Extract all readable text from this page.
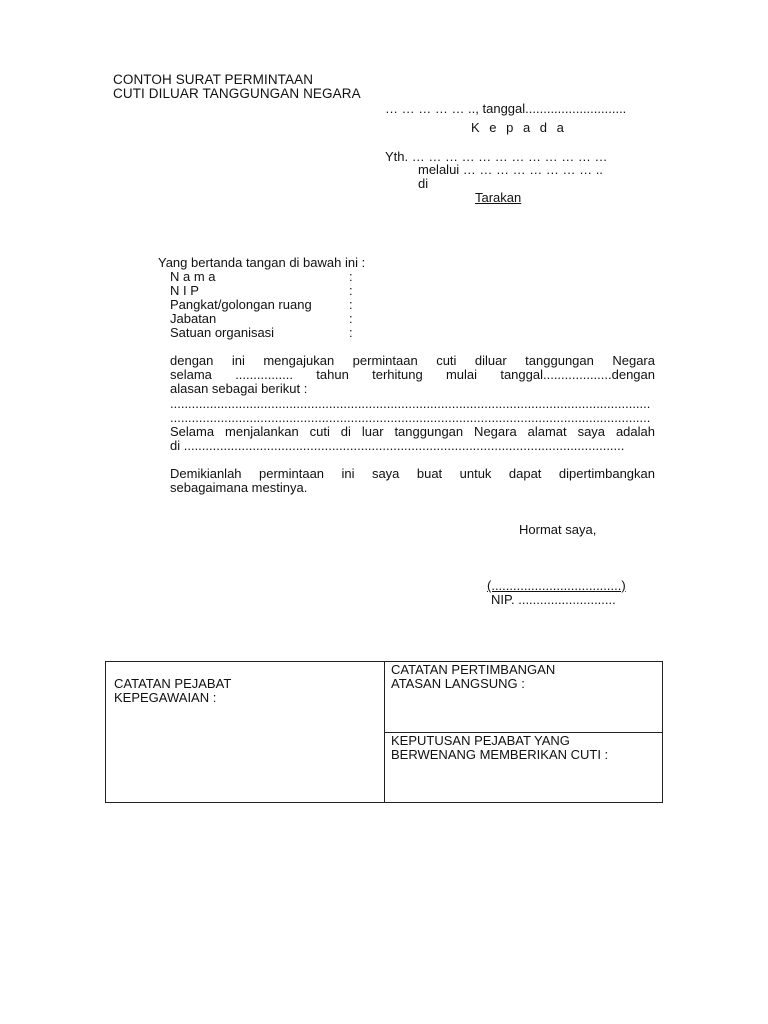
CONTOH SURAT PERMINTAAN
CUTI DILUAR TANGGUNGAN NEGARA
… … … … … .., tanggal............................
K e p a d a
Yth. … … … … … … … … … … … …
melalui … … … … … … … … ..
di
Tarakan
Yang bertanda tangan di bawah ini :
N a m a	:
N I P	:
Pangkat/golongan ruang	:
Jabatan	:
Satuan organisasi	:
dengan ini mengajukan permintaan cuti diluar tanggungan Negara
selama ................ tahun terhitung mulai tanggal...................dengan
alasan sebagai berikut :
.....................................................................................................................................
.....................................................................................................................................
Selama menjalankan cuti di luar tanggungan Negara alamat saya adalah
di ..........................................................................................................................
Demikianlah permintaan ini saya buat untuk dapat dipertimbangkan
sebagaimana mestinya.
Hormat saya,
(....................................)
NIP. ...........................
CATATAN PEJABAT
KEPEGAWAIAN :
CATATAN PERTIMBANGAN
ATASAN LANGSUNG :
KEPUTUSAN PEJABAT YANG
BERWENANG MEMBERIKAN CUTI :
